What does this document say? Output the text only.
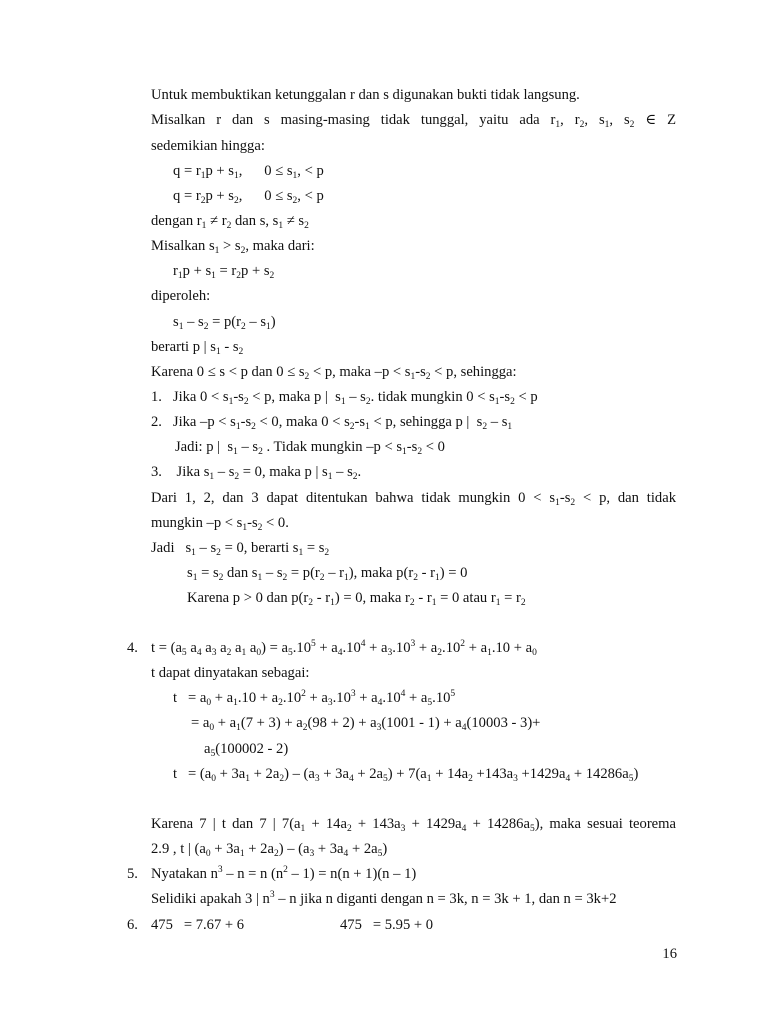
Untuk membuktikan ketunggalan r dan s digunakan bukti tidak langsung.
Misalkan r dan s masing-masing tidak tunggal, yaitu ada $r_1$, $r_2$, $s_1$, $s_2$ ∈ Z
sedemikian hingga:
$q = r_1p + s_1$,      $0 \le s_1$, < p
$q = r_2p + s_2$,      $0 \le s_2$, < p
dengan $r_1 \ne r_2$ dan s, $s_1 \ne s_2$
Misalkan $s_1 > s_2$, maka dari:
$r_1p + s_1 = r_2p + s_2$
diperoleh:
$s_1 - s_2 = p(r_2 - s_1)$
berarti p | $s_1 - s_2$
Karena 0 ≤ s < p dan $0 \le s_2 < p$, maka $-p < s_1-s_2 < p$, sehingga:
1.   Jika $0 < s_1-s_2 < p$, maka p |  $s_1 - s_2$. tidak mungkin $0 < s_1-s_2 < p$
2.   Jika $-p < s_1-s_2 < 0$, maka $0 < s_2-s_1 < p$, sehingga p |  $s_2 - s_1$
Jadi: p |  $s_1 - s_2$ . Tidak mungkin $-p < s_1-s_2 < 0$
3.    Jika $s_1 - s_2 = 0$, maka p | $s_1 - s_2$.
Dari 1, 2, dan 3 dapat ditentukan bahwa tidak mungkin $0 < s_1-s_2 < p$, dan tidak
mungkin $-p < s_1-s_2 < 0$.
Jadi   $s_1 - s_2 = 0$, berarti $s_1 = s_2$
$s_1 = s_2$ dan $s_1 - s_2 = p(r_2 - r_1)$, maka $p(r_2 - r_1) = 0$
Karena p > 0 dan $p(r_2 - r_1) = 0$, maka $r_2 - r_1 = 0$ atau $r_1 = r_2$
4. $t = (a_5$ $a_4$ $a_3$ $a_2$ $a_1$ $a_0) = a_5.10^5 + a_4.10^4 + a_3.10^3 + a_2.10^2 + a_1.10 + a_0$
t dapat dinyatakan sebagai:
$t = a_0 + a_1.10 + a_2.10^2 + a_3.10^3 + a_4.10^4 + a_5.10^5$
= $a_0 + a_1(7 + 3) + a_2(98 + 2) + a_3(1001 - 1) + a_4(10003 - 3)+$
$a_5(100002 - 2)$
$t = (a_0 + 3a_1 + 2a_2) - (a_3 + 3a_4 + 2a_5) + 7(a_1 + 14a_2 +143a_3 +1429a_4 + 14286a_5)$
Karena 7 | t dan 7 | $7(a_1 + 14a_2 + 143a_3 + 1429a_4 + 14286a_5)$, maka sesuai teorema
2.9 , t | $(a_0 + 3a_1 + 2a_2) - (a_3 + 3a_4 + 2a_5)$
5. Nyatakan $n^3 - n = n$ $(n^2 - 1) = n(n + 1)(n - 1)$
Selidiki apakah 3 | $n^3$ – n jika n diganti dengan n = 3k, n = 3k + 1, dan n = 3k+2
6. 475   = 7.67 + 6	475   = 5.95 + 0
16
